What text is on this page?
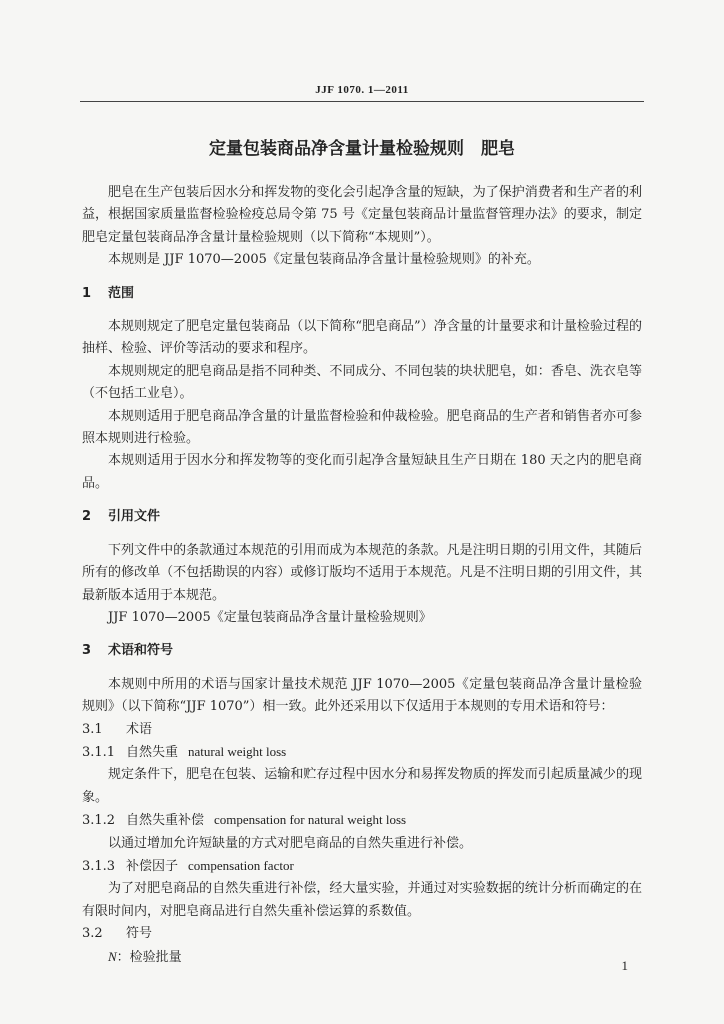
JJF 1070. 1—2011
定量包装商品净含量计量检验规则　肥皂

肥皂在生产包装后因水分和挥发物的变化会引起净含量的短缺，为了保护消费者和生产者的利益，根据国家质量监督检验检疫总局令第 75 号《定量包装商品计量监督管理办法》的要求，制定肥皂定量包装商品净含量计量检验规则（以下简称“本规则”）。

本规则是 JJF 1070—2005《定量包装商品净含量计量检验规则》的补充。

1 范围

本规则规定了肥皂定量包装商品（以下简称“肥皂商品”）净含量的计量要求和计量检验过程的抽样、检验、评价等活动的要求和程序。

本规则规定的肥皂商品是指不同种类、不同成分、不同包装的块状肥皂，如：香皂、洗衣皂等（不包括工业皂）。

本规则适用于肥皂商品净含量的计量监督检验和仲裁检验。肥皂商品的生产者和销售者亦可参照本规则进行检验。

本规则适用于因水分和挥发物等的变化而引起净含量短缺且生产日期在 180 天之内的肥皂商品。

2 引用文件

下列文件中的条款通过本规范的引用而成为本规范的条款。凡是注明日期的引用文件，其随后所有的修改单（不包括勘误的内容）或修订版均不适用于本规范。凡是不注明日期的引用文件，其最新版本适用于本规范。

JJF 1070—2005《定量包装商品净含量计量检验规则》

3 术语和符号

本规则中所用的术语与国家计量技术规范 JJF 1070—2005《定量包装商品净含量计量检验规则》（以下简称“JJF 1070”）相一致。此外还采用以下仅适用于本规则的专用术语和符号：

3.1 术语

3.1.1 自然失重 natural weight loss

规定条件下，肥皂在包装、运输和贮存过程中因水分和易挥发物质的挥发而引起质量减少的现象。

3.1.2 自然失重补偿 compensation for natural weight loss

以通过增加允许短缺量的方式对肥皂商品的自然失重进行补偿。

3.1.3 补偿因子 compensation factor

为了对肥皂商品的自然失重进行补偿，经大量实验，并通过对实验数据的统计分析而确定的在有限时间内，对肥皂商品进行自然失重补偿运算的系数值。

3.2 符号

N：检验批量

1
